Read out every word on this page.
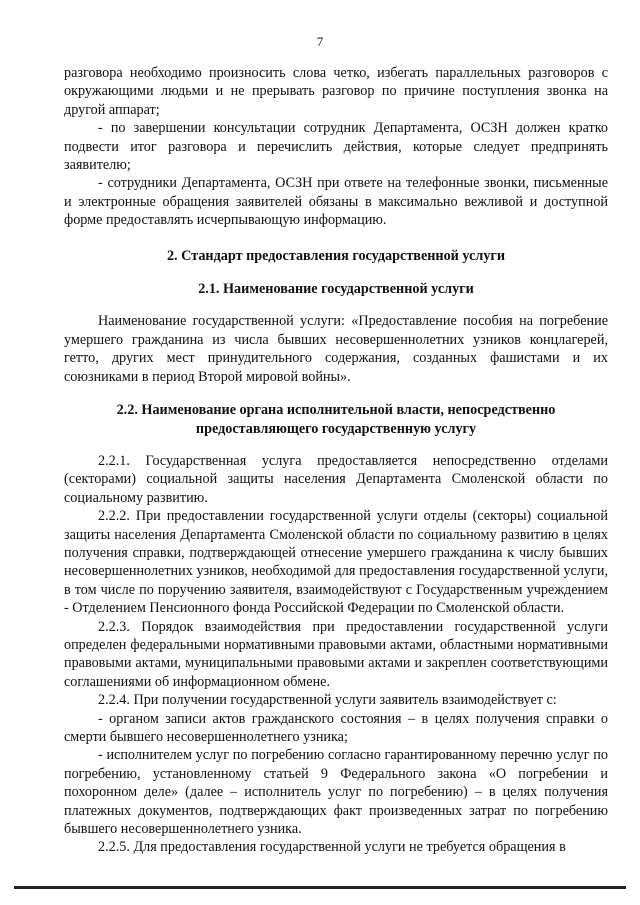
7

разговора необходимо произносить слова четко, избегать параллельных разговоров с окружающими людьми и не прерывать разговор по причине поступления звонка на другой аппарат;

- по завершении консультации сотрудник Департамента, ОСЗН должен кратко подвести итог разговора и перечислить действия, которые следует предпринять заявителю;

- сотрудники Департамента, ОСЗН при ответе на телефонные звонки, письменные и электронные обращения заявителей обязаны в максимально вежливой и доступной форме предоставлять исчерпывающую информацию.

2. Стандарт предоставления государственной услуги

2.1. Наименование государственной услуги

Наименование государственной услуги: «Предоставление пособия на погребение умершего гражданина из числа бывших несовершеннолетних узников концлагерей, гетто, других мест принудительного содержания, созданных фашистами и их союзниками в период Второй мировой войны».

2.2. Наименование органа исполнительной власти, непосредственно предоставляющего государственную услугу

2.2.1. Государственная услуга предоставляется непосредственно отделами (секторами) социальной защиты населения Департамента Смоленской области по социальному развитию.

2.2.2. При предоставлении государственной услуги отделы (секторы) социальной защиты населения Департамента Смоленской области по социальному развитию в целях получения справки, подтверждающей отнесение умершего гражданина к числу бывших несовершеннолетних узников, необходимой для предоставления государственной услуги, в том числе по поручению заявителя, взаимодействуют с Государственным учреждением - Отделением Пенсионного фонда Российской Федерации по Смоленской области.

2.2.3. Порядок взаимодействия при предоставлении государственной услуги определен федеральными нормативными правовыми актами, областными нормативными правовыми актами, муниципальными правовыми актами и закреплен соответствующими соглашениями об информационном обмене.

2.2.4. При получении государственной услуги заявитель взаимодействует с:

- органом записи актов гражданского состояния – в целях получения справки о смерти бывшего несовершеннолетнего узника;

- исполнителем услуг по погребению согласно гарантированному перечню услуг по погребению, установленному статьей 9 Федерального закона «О погребении и похоронном деле» (далее – исполнитель услуг по погребению) – в целях получения платежных документов, подтверждающих факт произведенных затрат по погребению бывшего несовершеннолетнего узника.

2.2.5. Для предоставления государственной услуги не требуется обращения в
